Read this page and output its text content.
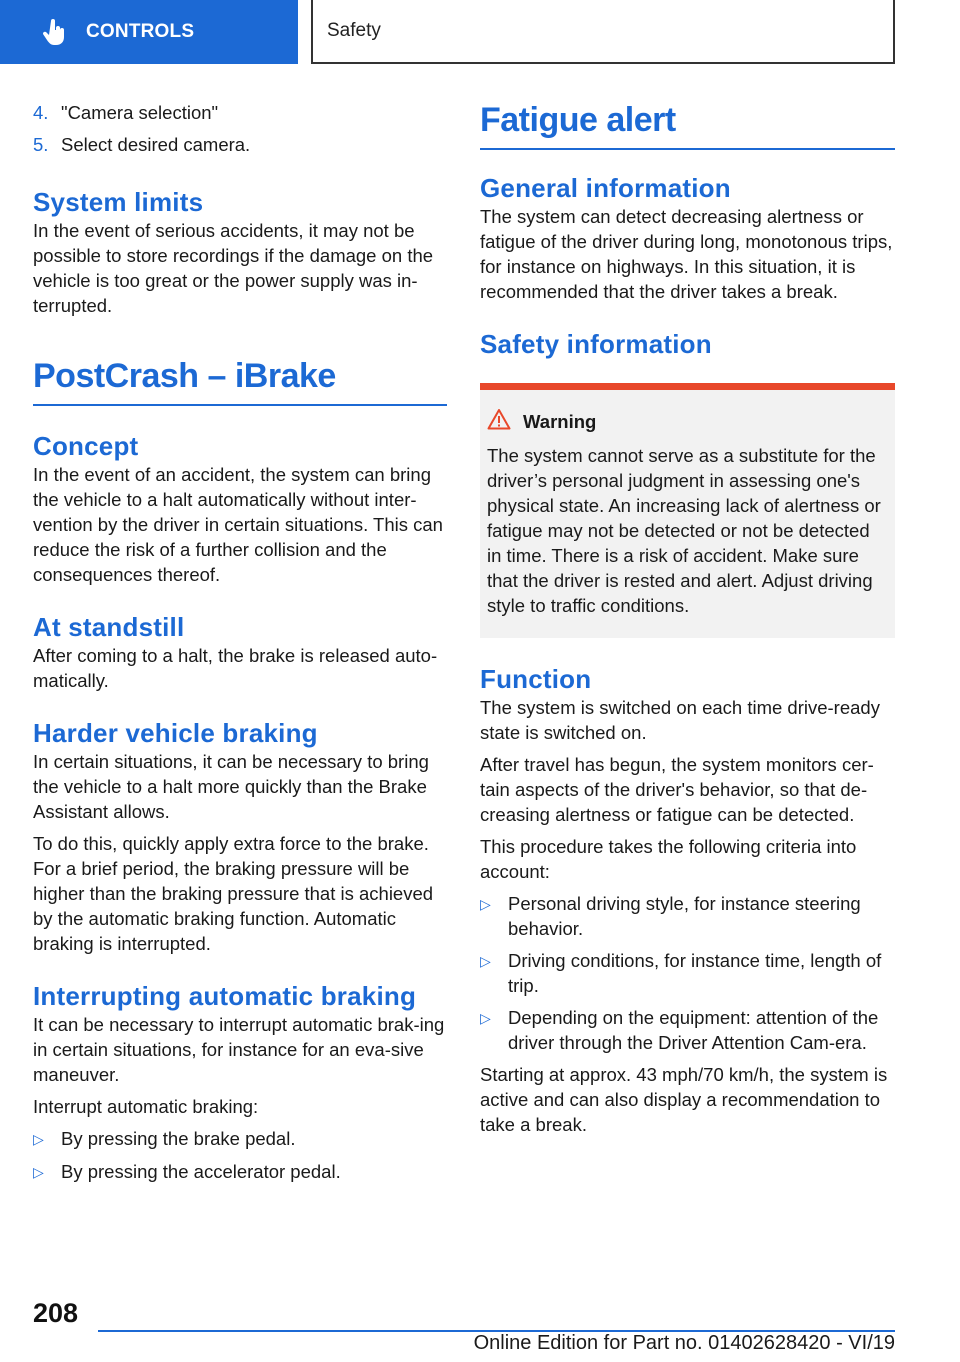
CONTROLS	Safety
4. "Camera selection"
5. Select desired camera.
System limits

In the event of serious accidents, it may not be possible to store recordings if the damage on the vehicle is too great or the power supply was in-terrupted.

PostCrash – iBrake
Concept

In the event of an accident, the system can bring the vehicle to a halt automatically without inter-vention by the driver in certain situations. This can reduce the risk of a further collision and the consequences thereof.

At standstill

After coming to a halt, the brake is released auto-matically.

Harder vehicle braking

In certain situations, it can be necessary to bring the vehicle to a halt more quickly than the Brake Assistant allows.

To do this, quickly apply extra force to the brake. For a brief period, the braking pressure will be higher than the braking pressure that is achieved by the automatic braking function. Automatic braking is interrupted.

Interrupting automatic braking

It can be necessary to interrupt automatic brak-ing in certain situations, for instance for an eva-sive maneuver.

Interrupt automatic braking:

▷ By pressing the brake pedal.
▷ By pressing the accelerator pedal.
Fatigue alert
General information

The system can detect decreasing alertness or fatigue of the driver during long, monotonous trips, for instance on highways. In this situation, it is recommended that the driver takes a break.

Safety information
Warning

The system cannot serve as a substitute for the driver’s personal judgment in assessing one's physical state. An increasing lack of alertness or fatigue may not be detected or not be detected in time. There is a risk of accident. Make sure that the driver is rested and alert. Adjust driving style to traffic conditions.

Function

The system is switched on each time drive-ready state is switched on.

After travel has begun, the system monitors cer-tain aspects of the driver's behavior, so that de-creasing alertness or fatigue can be detected.

This procedure takes the following criteria into account:

▷ Personal driving style, for instance steering behavior.
▷ Driving conditions, for instance time, length of trip.
▷ Depending on the equipment: attention of the driver through the Driver Attention Cam-era.

Starting at approx. 43 mph/70 km/h, the system is active and can also display a recommendation to take a break.

208
Online Edition for Part no. 01402628420 - VI/19
